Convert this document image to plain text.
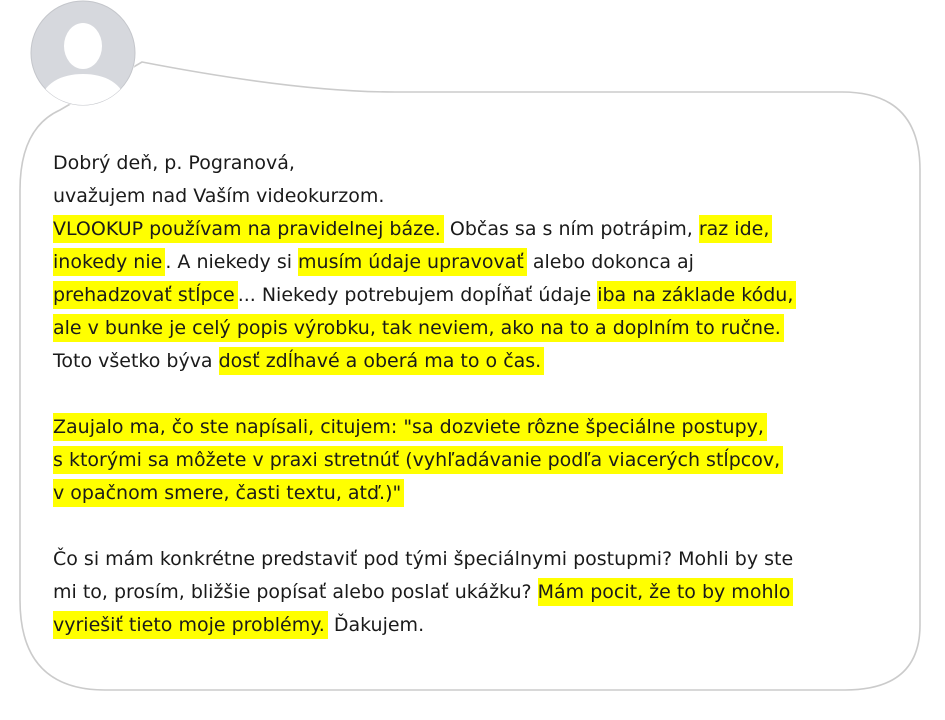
Dobrý deň, p. Pogranová,
uvažujem nad Vaším videokurzom.
VLOOKUP používam na pravidelnej báze. Občas sa s ním potrápim, raz ide,
inokedy nie . A niekedy si musím údaje upravovať alebo dokonca aj
prehadzovať stĺpce ... Niekedy potrebujem dopĺňať údaje iba na základe kódu,
ale v bunke je celý popis výrobku, tak neviem, ako na to a doplním to ručne.
Toto všetko býva dosť zdĺhavé a oberá ma to o čas.
Zaujalo ma, čo ste napísali, citujem: "sa dozviete rôzne špeciálne postupy,
s ktorými sa môžete v praxi stretnúť (vyhľadávanie podľa viacerých stĺpcov,
v opačnom smere, časti textu, atď.)"
Čo si mám konkrétne predstaviť pod tými špeciálnymi postupmi? Mohli by ste
mi to, prosím, bližšie popísať alebo poslať ukážku? Mám pocit, že to by mohlo
vyriešiť tieto moje problémy. Ďakujem.
